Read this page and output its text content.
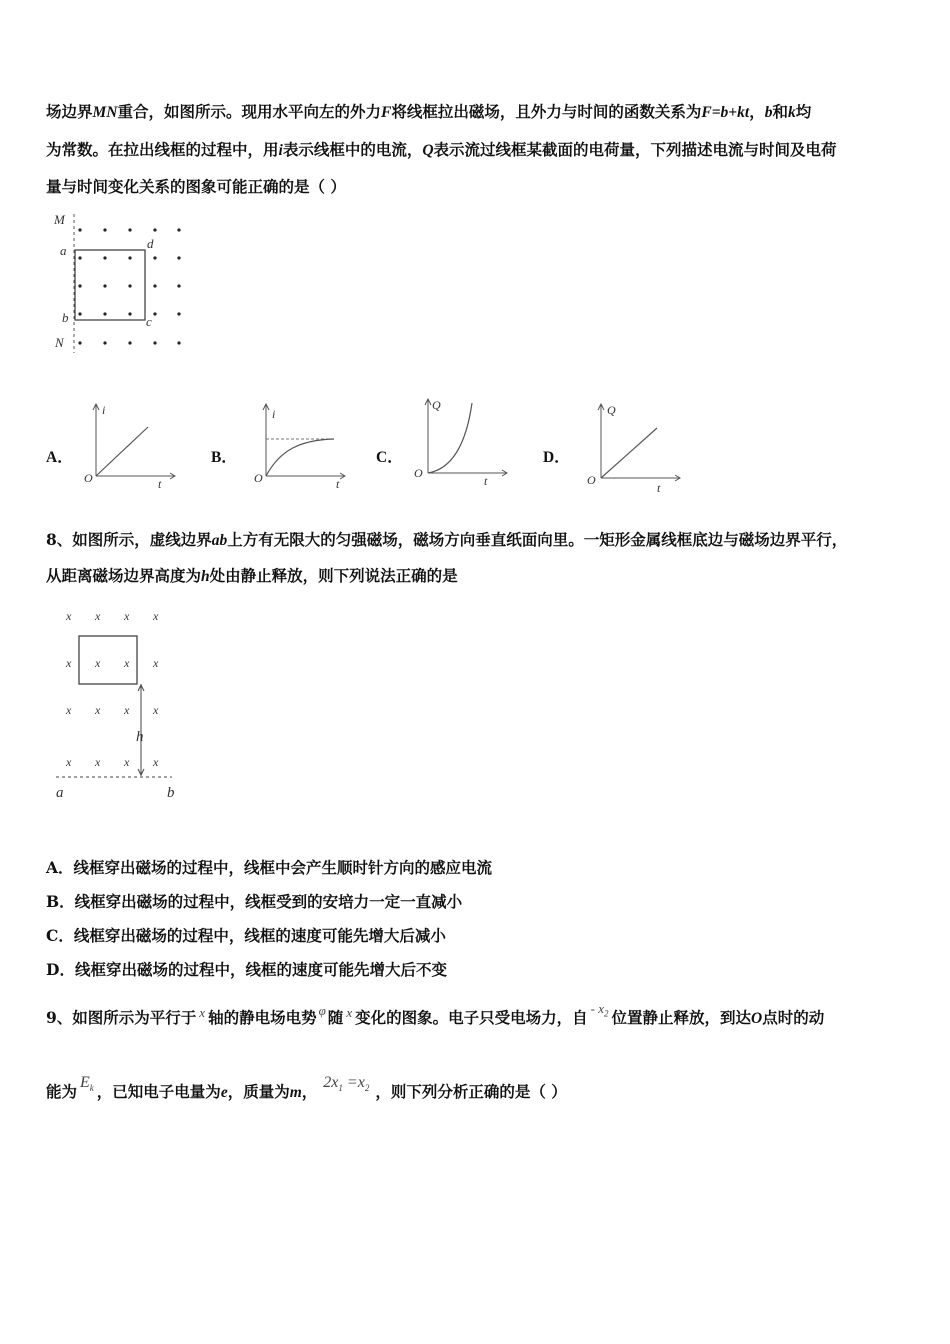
场边界MN重合，如图所示。现用水平向左的外力F将线框拉出磁场，且外力与时间的函数关系为F=b+kt，b和k均
为常数。在拉出线框的过程中，用i表示线框中的电流，Q表示流过线框某截面的电荷量，下列描述电流与时间及电荷
量与时间变化关系的图象可能正确的是（ ）
M
a	d
b	c
N
A．
i
t
O
B．
i
t
O
C．
Q
t
O
D．
Q
t
O
8、如图所示，虚线边界ab上方有无限大的匀强磁场，磁场方向垂直纸面向里。一矩形金属线框底边与磁场边界平行，
从距离磁场边界高度为h处由静止释放，则下列说法正确的是
x x x x
x x x x
x x x x
x x x x
h
a	b
A．线框穿出磁场的过程中，线框中会产生顺时针方向的感应电流
B．线框穿出磁场的过程中，线框受到的安培力一定一直减小
C．线框穿出磁场的过程中，线框的速度可能先增大后减小
D．线框穿出磁场的过程中，线框的速度可能先增大后不变
9、如图所示为平行于 $^x$ 轴的静电场电势 $^\varphi$ 随 $^x$ 变化的图象。电子只受电场力，自 $^{- x_2}$ 位置静止释放，到达O点时的动
能为 $E_k$ ，已知电子电量为e，质量为m， $2x_1 =x_2$ ，则下列分析正确的是（ ）
